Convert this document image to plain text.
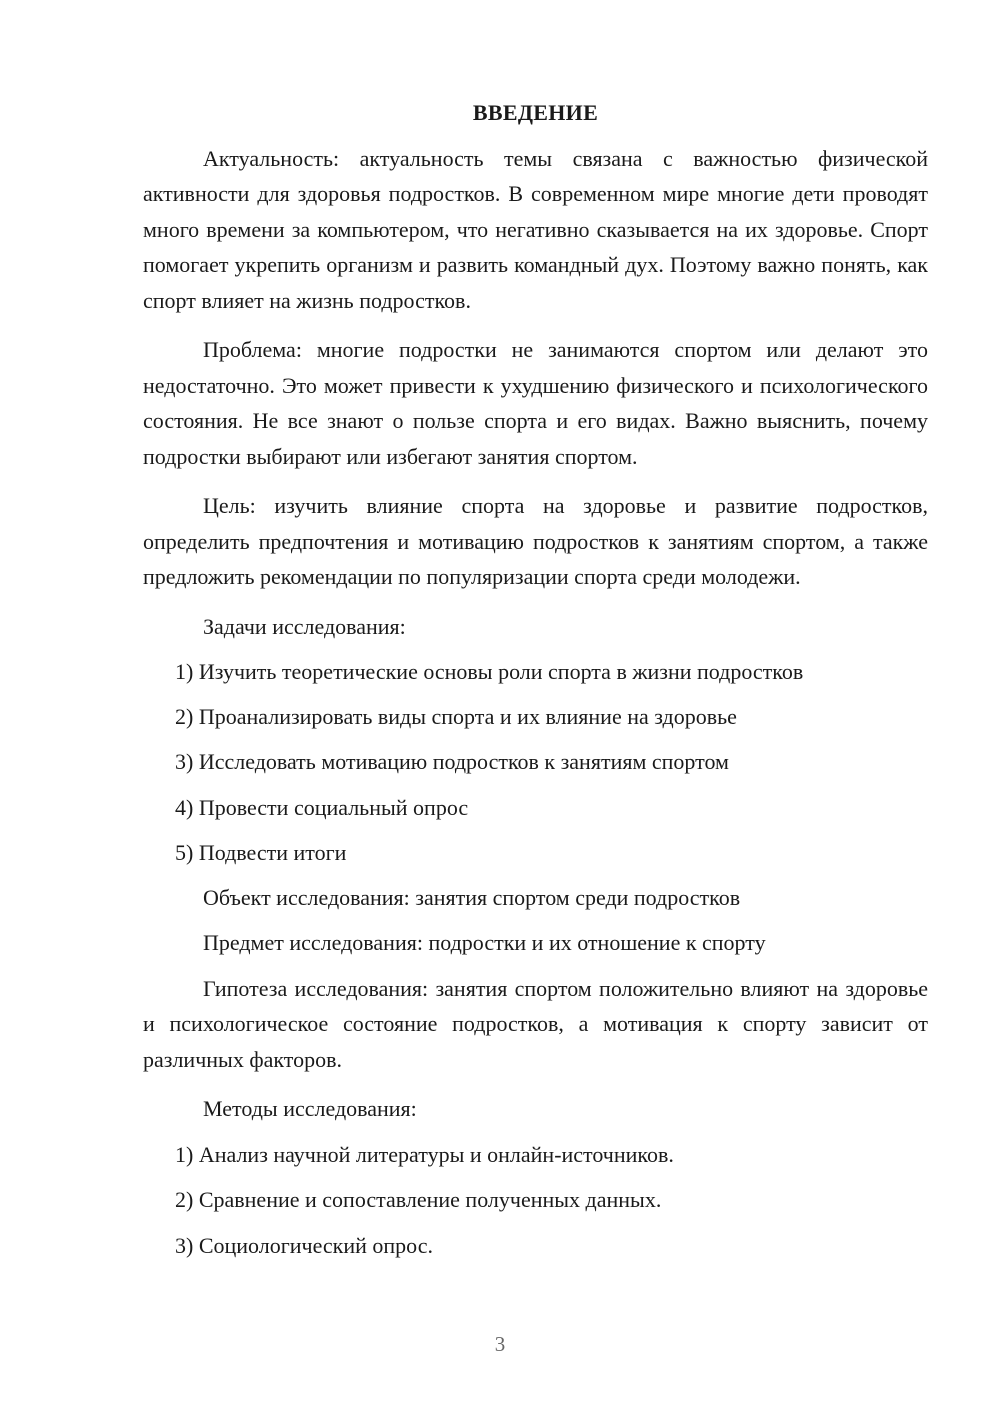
ВВЕДЕНИЕ

Актуальность: актуальность темы связана с важностью физической активности для здоровья подростков. В современном мире многие дети проводят много времени за компьютером, что негативно сказывается на их здоровье. Спорт помогает укрепить организм и развить командный дух. Поэтому важно понять, как спорт влияет на жизнь подростков.

Проблема: многие подростки не занимаются спортом или делают это недостаточно. Это может привести к ухудшению физического и психологического состояния. Не все знают о пользе спорта и его видах. Важно выяснить, почему подростки выбирают или избегают занятия спортом.

Цель: изучить влияние спорта на здоровье и развитие подростков, определить предпочтения и мотивацию подростков к занятиям спортом, а также предложить рекомендации по популяризации спорта среди молодежи.

Задачи исследования:

1) Изучить теоретические основы роли спорта в жизни подростков
2) Проанализировать виды спорта и их влияние на здоровье
3) Исследовать мотивацию подростков к занятиям спортом
4) Провести социальный опрос
5) Подвести итоги

Объект исследования: занятия спортом среди подростков

Предмет исследования: подростки и их отношение к спорту

Гипотеза исследования: занятия спортом положительно влияют на здоровье и психологическое состояние подростков, а мотивация к спорту зависит от различных факторов.

Методы исследования:

1) Анализ научной литературы и онлайн-источников.
2) Сравнение и сопоставление полученных данных.
3) Социологический опрос.
3
